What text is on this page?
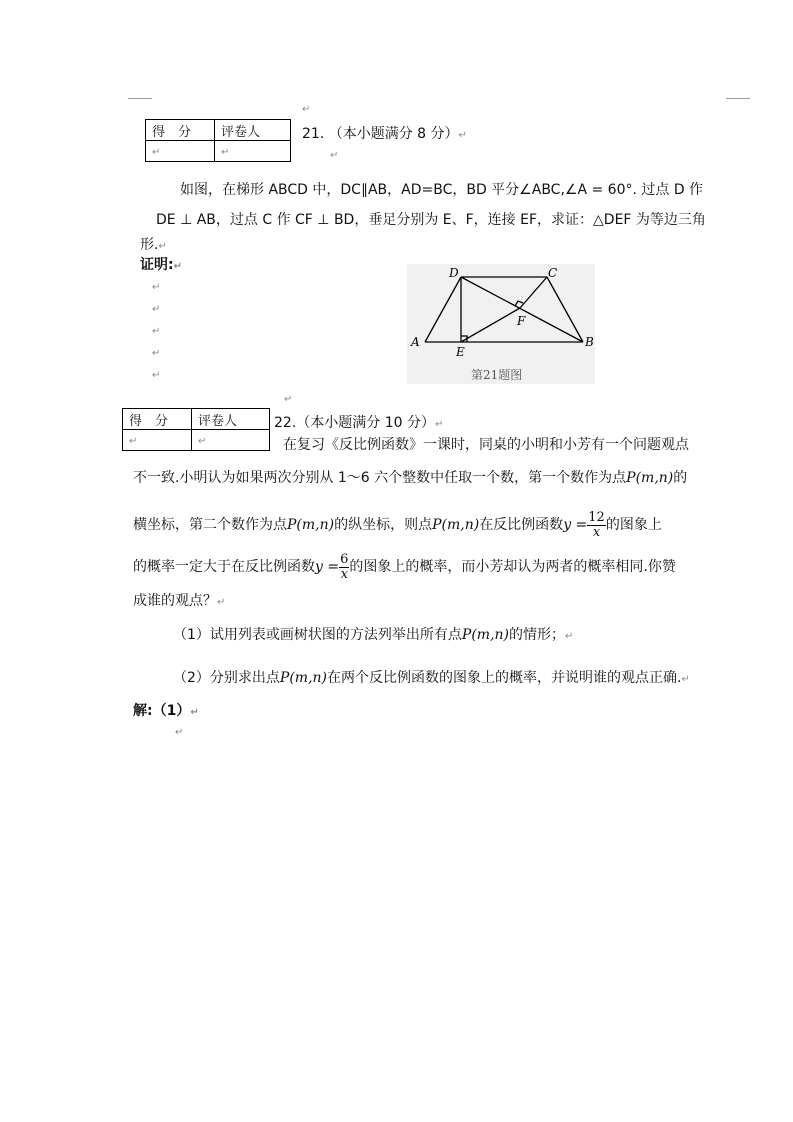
得　分	评卷人
↵	↵
↵
21. （本小题满分 8 分）↵
↵
如图，在梯形 ABCD 中，DC∥AB，AD=BC，BD 平分∠ABC,∠A = 60°. 过点 D 作
DE ⊥ AB，过点 C 作 CF ⊥ BD，垂足分别为 E、F，连接 EF，求证：△DEF 为等边三角
形.↵
证明:↵
↵
↵
↵
↵
↵
D	C
A	B
E
F
第21题图
↵
得　分	评卷人
↵	↵
22.（本小题满分 10 分）↵
在复习《反比例函数》一课时，同桌的小明和小芳有一个问题观点
不一致.小明认为如果两次分别从 1～6 六个整数中任取一个数，第一个数作为点P(m,n)的
横坐标，第二个数作为点P(m,n)的纵坐标，则点P(m,n)在反比例函数$y = \frac{12}{x}$ 的图象上
的概率一定大于在反比例函数$y = \frac{6}{x}$ 的图象上的概率，而小芳却认为两者的概率相同.你赞
成谁的观点？↵
（1）试用列表或画树状图的方法列举出所有点P(m,n)的情形；↵
（2）分别求出点P(m,n)在两个反比例函数的图象上的概率，并说明谁的观点正确.↵
解:（1）↵
↵
